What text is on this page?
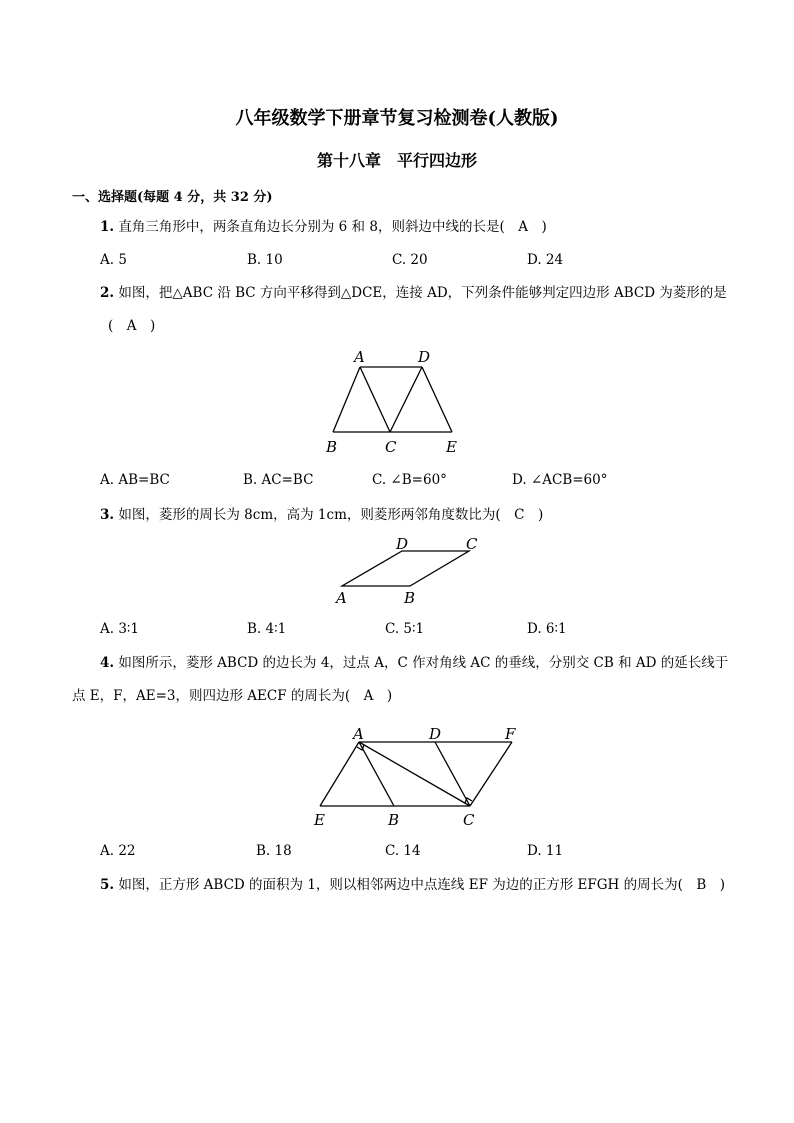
八年级数学下册章节复习检测卷(人教版)
第十八章　平行四边形
一、选择题(每题 4 分，共 32 分)
1. 直角三角形中，两条直角边长分别为 6 和 8，则斜边中线的长是(　A　)
A. 5	B. 10	C. 20	D. 24
2. 如图，把△ABC 沿 BC 方向平移得到△DCE，连接 AD，下列条件能够判定四边形 ABCD 为菱形的是
(　A　)
A	D
B	C	E
A. AB=BC	B. AC=BC	C. ∠B=60°	D. ∠ACB=60°
3. 如图，菱形的周长为 8cm，高为 1cm，则菱形两邻角度数比为(　C　)
D	C
A	B
A. 3∶1	B. 4∶1	C. 5∶1	D. 6∶1
4. 如图所示，菱形 ABCD 的边长为 4，过点 A，C 作对角线 AC 的垂线，分别交 CB 和 AD 的延长线于
点 E，F，AE=3，则四边形 AECF 的周长为(　A　)
A	D	F
E	B	C
A. 22	B. 18	C. 14	D. 11
5. 如图，正方形 ABCD 的面积为 1，则以相邻两边中点连线 EF 为边的正方形 EFGH 的周长为(　B　)
